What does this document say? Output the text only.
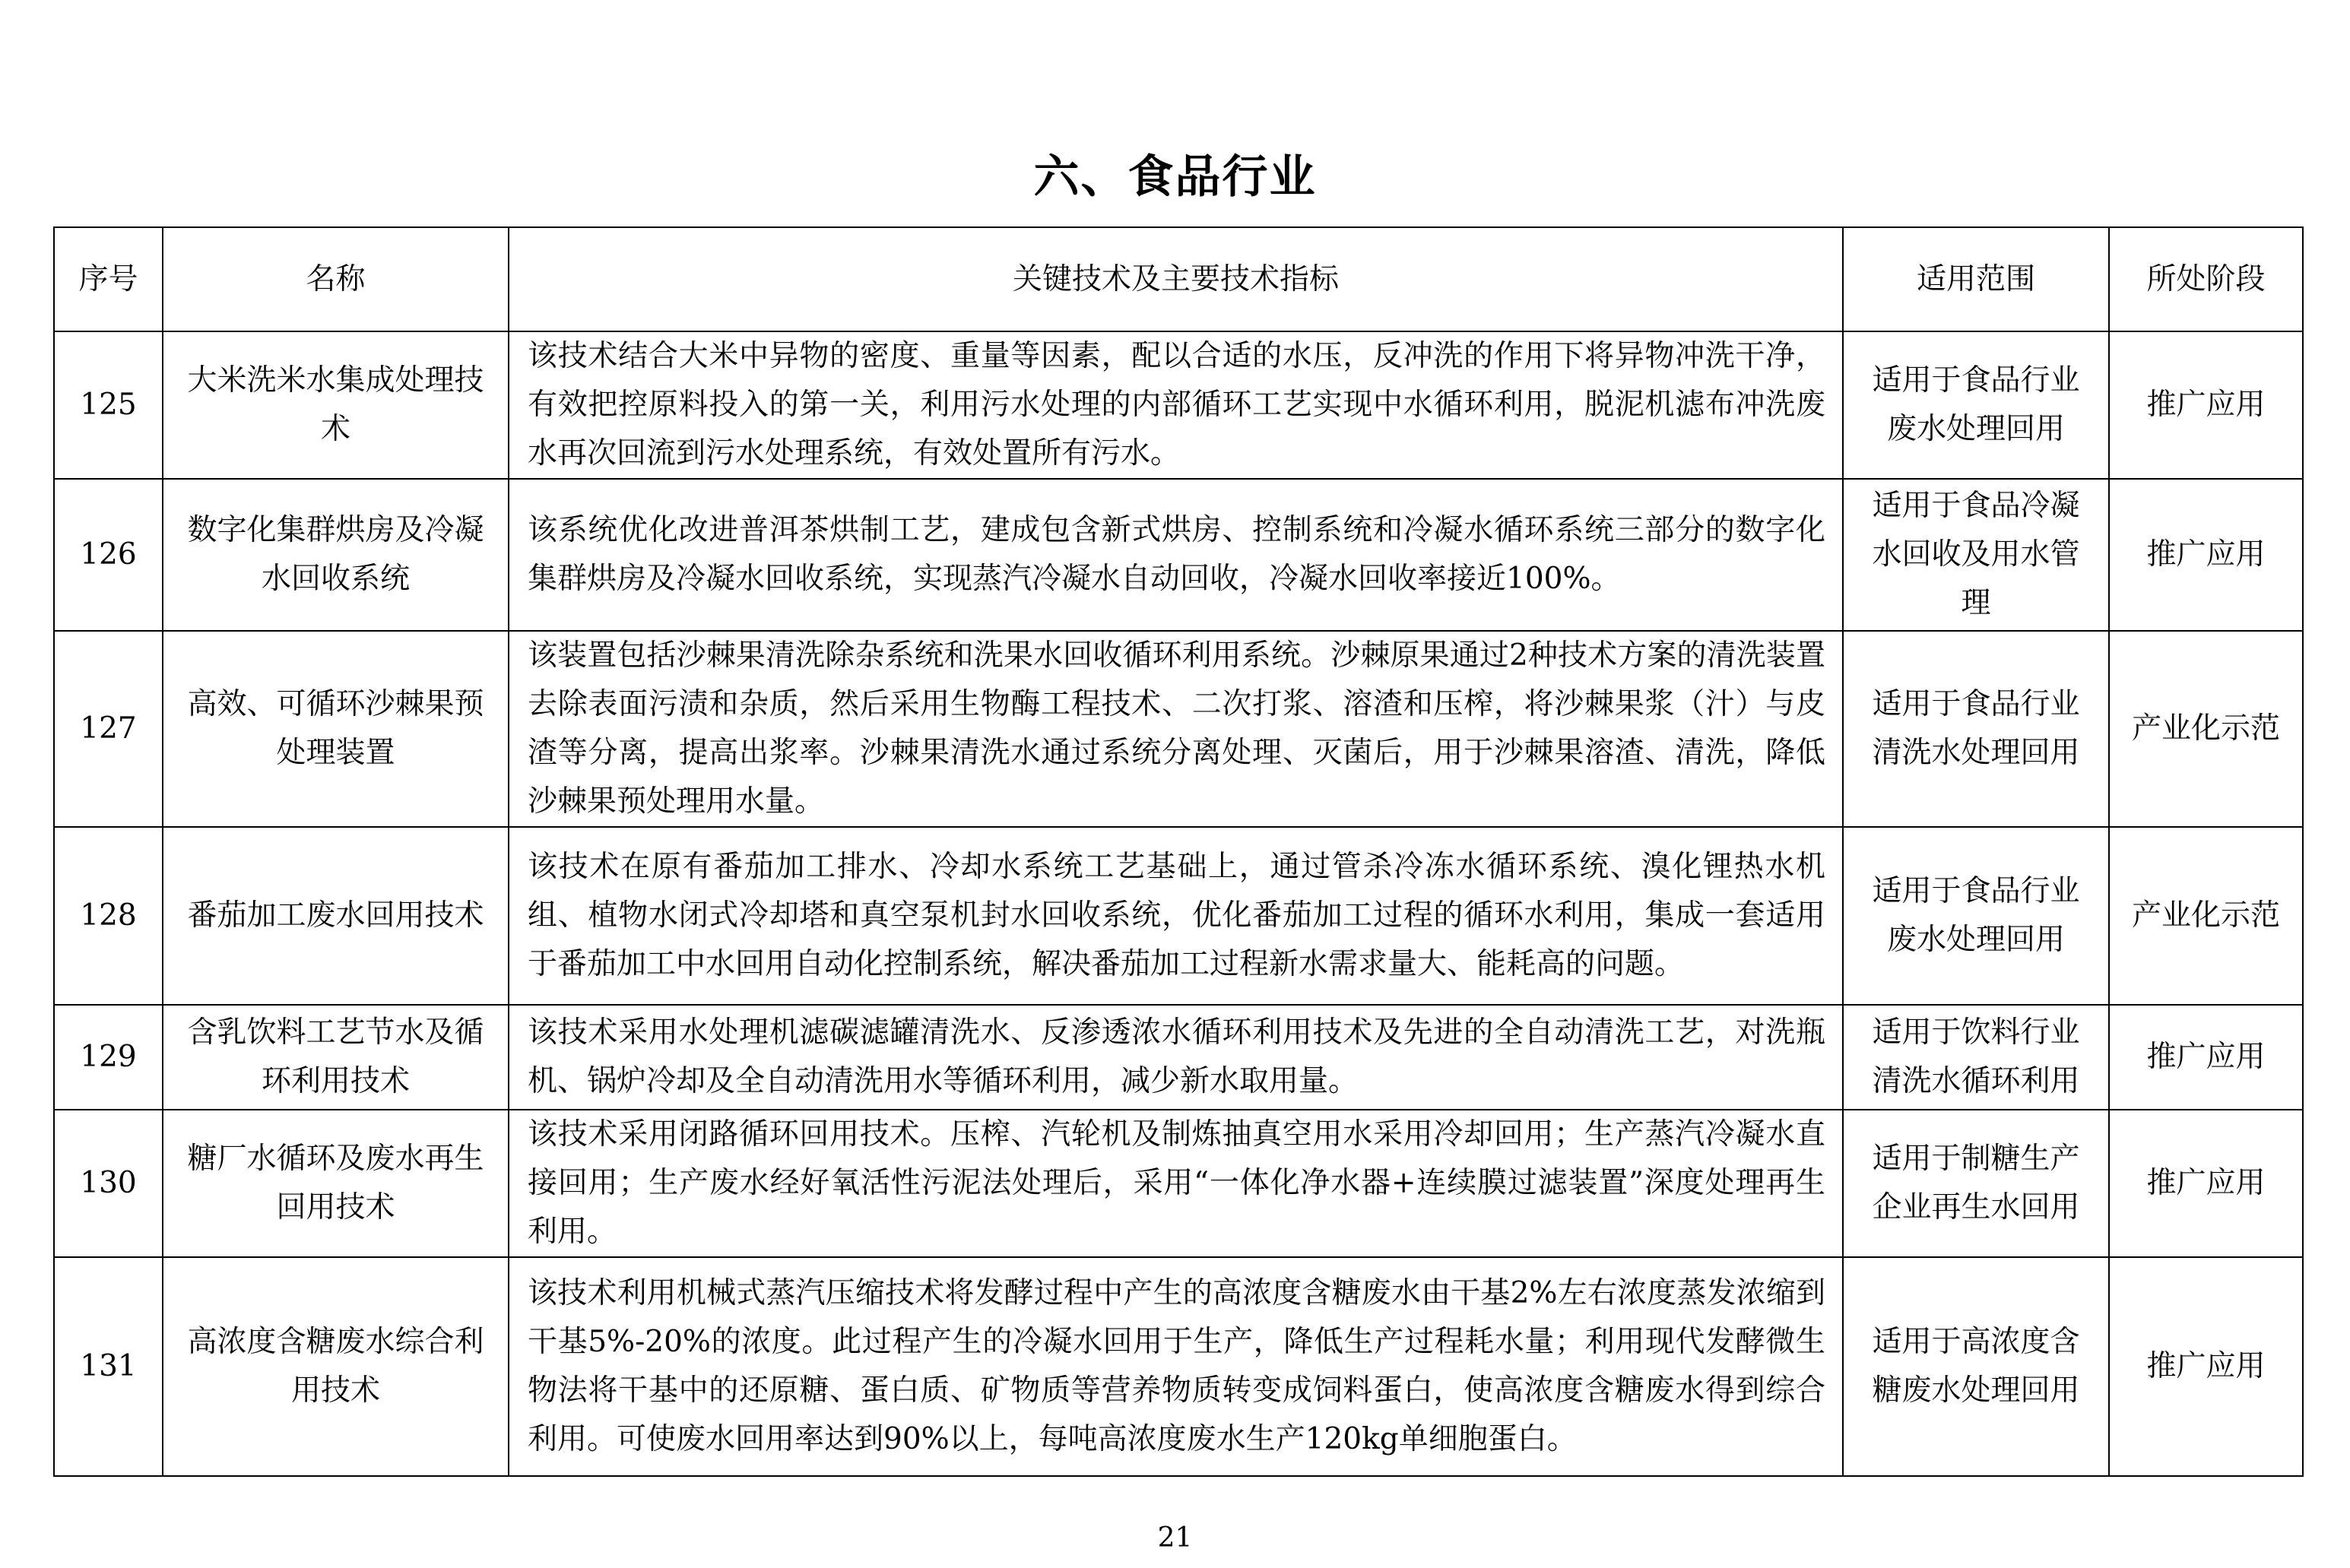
六、食品行业
序号	名称	关键技术及主要技术指标	适用范围	所处阶段
125	大米洗米水集成处理技术	该技术结合大米中异物的密度、重量等因素，配以合适的水压，反冲洗的作用下将异物冲洗干净，有效把控原料投入的第一关，利用污水处理的内部循环工艺实现中水循环利用，脱泥机滤布冲洗废水再次回流到污水处理系统，有效处置所有污水。	适用于食品行业废水处理回用	推广应用
126	数字化集群烘房及冷凝水回收系统	该系统优化改进普洱茶烘制工艺，建成包含新式烘房、控制系统和冷凝水循环系统三部分的数字化集群烘房及冷凝水回收系统，实现蒸汽冷凝水自动回收，冷凝水回收率接近100%。	适用于食品冷凝水回收及用水管理	推广应用
127	高效、可循环沙棘果预处理装置	该装置包括沙棘果清洗除杂系统和洗果水回收循环利用系统。沙棘原果通过2种技术方案的清洗装置去除表面污渍和杂质，然后采用生物酶工程技术、二次打浆、溶渣和压榨，将沙棘果浆（汁）与皮渣等分离，提高出浆率。沙棘果清洗水通过系统分离处理、灭菌后，用于沙棘果溶渣、清洗，降低沙棘果预处理用水量。	适用于食品行业清洗水处理回用	产业化示范
128	番茄加工废水回用技术	该技术在原有番茄加工排水、冷却水系统工艺基础上，通过管杀冷冻水循环系统、溴化锂热水机组、植物水闭式冷却塔和真空泵机封水回收系统，优化番茄加工过程的循环水利用，集成一套适用于番茄加工中水回用自动化控制系统，解决番茄加工过程新水需求量大、能耗高的问题。	适用于食品行业废水处理回用	产业化示范
129	含乳饮料工艺节水及循环利用技术	该技术采用水处理机滤碳滤罐清洗水、反渗透浓水循环利用技术及先进的全自动清洗工艺，对洗瓶机、锅炉冷却及全自动清洗用水等循环利用，减少新水取用量。	适用于饮料行业清洗水循环利用	推广应用
130	糖厂水循环及废水再生回用技术	该技术采用闭路循环回用技术。压榨、汽轮机及制炼抽真空用水采用冷却回用；生产蒸汽冷凝水直接回用；生产废水经好氧活性污泥法处理后，采用“一体化净水器+连续膜过滤装置”深度处理再生利用。	适用于制糖生产企业再生水回用	推广应用
131	高浓度含糖废水综合利用技术	该技术利用机械式蒸汽压缩技术将发酵过程中产生的高浓度含糖废水由干基2%左右浓度蒸发浓缩到干基5%-20%的浓度。此过程产生的冷凝水回用于生产，降低生产过程耗水量；利用现代发酵微生物法将干基中的还原糖、蛋白质、矿物质等营养物质转变成饲料蛋白，使高浓度含糖废水得到综合利用。可使废水回用率达到90%以上，每吨高浓度废水生产120kg单细胞蛋白。	适用于高浓度含糖废水处理回用	推广应用
21
